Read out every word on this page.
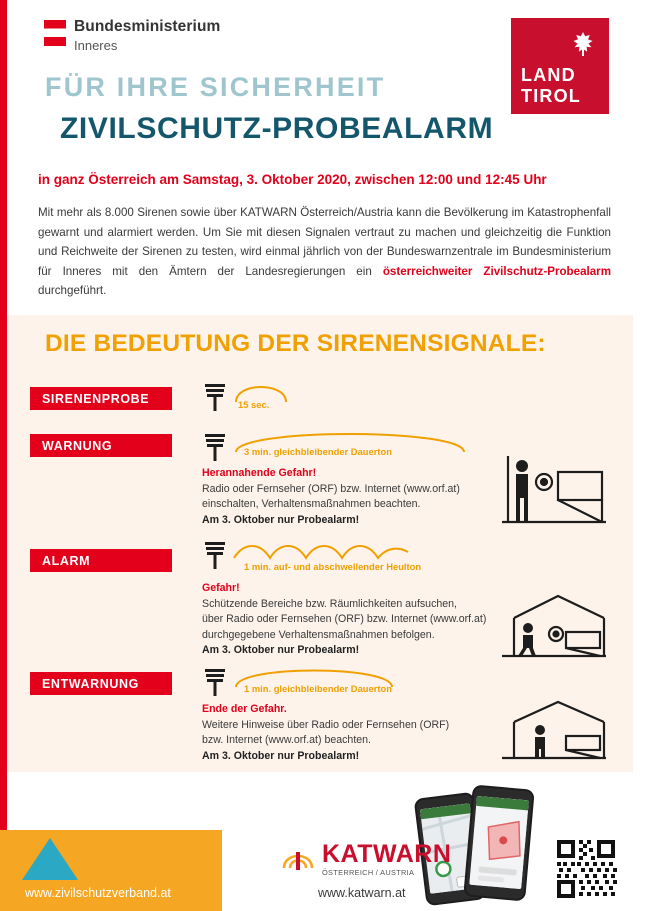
Bundesministerium
Inneres
LAND
TIROL
FÜR IHRE SICHERHEIT
ZIVILSCHUTZ-PROBEALARM
in ganz Österreich am Samstag, 3. Oktober 2020, zwischen 12:00 und 12:45 Uhr
Mit mehr als 8.000 Sirenen sowie über KATWARN Österreich/Austria kann die Bevölkerung im Katastrophenfall gewarnt und alarmiert werden. Um Sie mit diesen Signalen vertraut zu machen und gleichzeitig die Funktion und Reichweite der Sirenen zu testen, wird einmal jährlich von der Bundeswarnzentrale im Bundesministerium für Inneres mit den Ämtern der Landesregierungen ein österreichweiter Zivilschutz-Probealarm durchgeführt.
DIE BEDEUTUNG DER SIRENENSIGNALE:
SIRENENPROBE	15 sec.
WARNUNG	3 min. gleichbleibender Dauerton
Herannahende Gefahr!
Radio oder Fernseher (ORF) bzw. Internet (www.orf.at)
einschalten, Verhaltensmaßnahmen beachten.
Am 3. Oktober nur Probealarm!
ALARM	1 min. auf- und abschwellender Heulton
Gefahr!
Schützende Bereiche bzw. Räumlichkeiten aufsuchen,
über Radio oder Fernsehen (ORF) bzw. Internet (www.orf.at)
durchgegebene Verhaltensmaßnahmen befolgen.
Am 3. Oktober nur Probealarm!
ENTWARNUNG	1 min. gleichbleibender Dauerton
Ende der Gefahr.
Weitere Hinweise über Radio oder Fernsehen (ORF)
bzw. Internet (www.orf.at) beachten.
Am 3. Oktober nur Probealarm!
www.zivilschutzverband.at
KATWARN
ÖSTERREICH / AUSTRIA
www.katwarn.at
